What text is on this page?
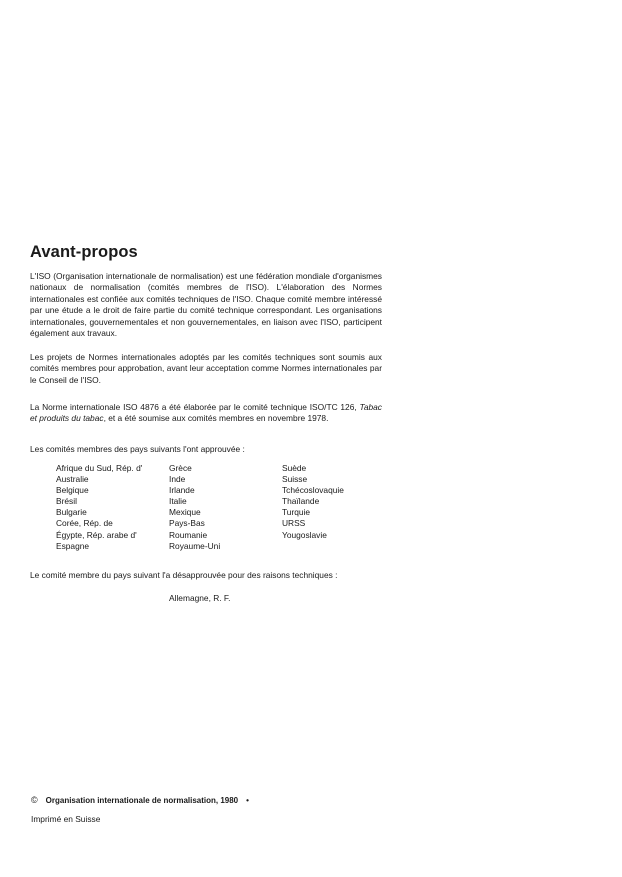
Avant-propos

L'ISO (Organisation internationale de normalisation) est une fédération mondiale d'organismes nationaux de normalisation (comités membres de l'ISO). L'élaboration des Normes internationales est confiée aux comités techniques de l'ISO. Chaque comité membre intéressé par une étude a le droit de faire partie du comité technique correspondant. Les organisations internationales, gouvernementales et non gouvernementales, en liaison avec l'ISO, participent également aux travaux.

Les projets de Normes internationales adoptés par les comités techniques sont soumis aux comités membres pour approbation, avant leur acceptation comme Normes internationales par le Conseil de l'ISO.

La Norme internationale ISO 4876 a été élaborée par le comité technique ISO/TC 126, Tabac et produits du tabac, et a été soumise aux comités membres en novembre 1978.

Les comités membres des pays suivants l'ont approuvée :

Afrique du Sud, Rép. d'
Australie
Belgique
Brésil
Bulgarie
Corée, Rép. de
Égypte, Rép. arabe d'
Espagne
Grèce
Inde
Irlande
Italie
Mexique
Pays-Bas
Roumanie
Royaume-Uni
Suède
Suisse
Tchécoslovaquie
Thaïlande
Turquie
URSS
Yougoslavie

Le comité membre du pays suivant l'a désapprouvée pour des raisons techniques :

Allemagne, R. F.
© Organisation internationale de normalisation, 1980 •
Imprimé en Suisse
